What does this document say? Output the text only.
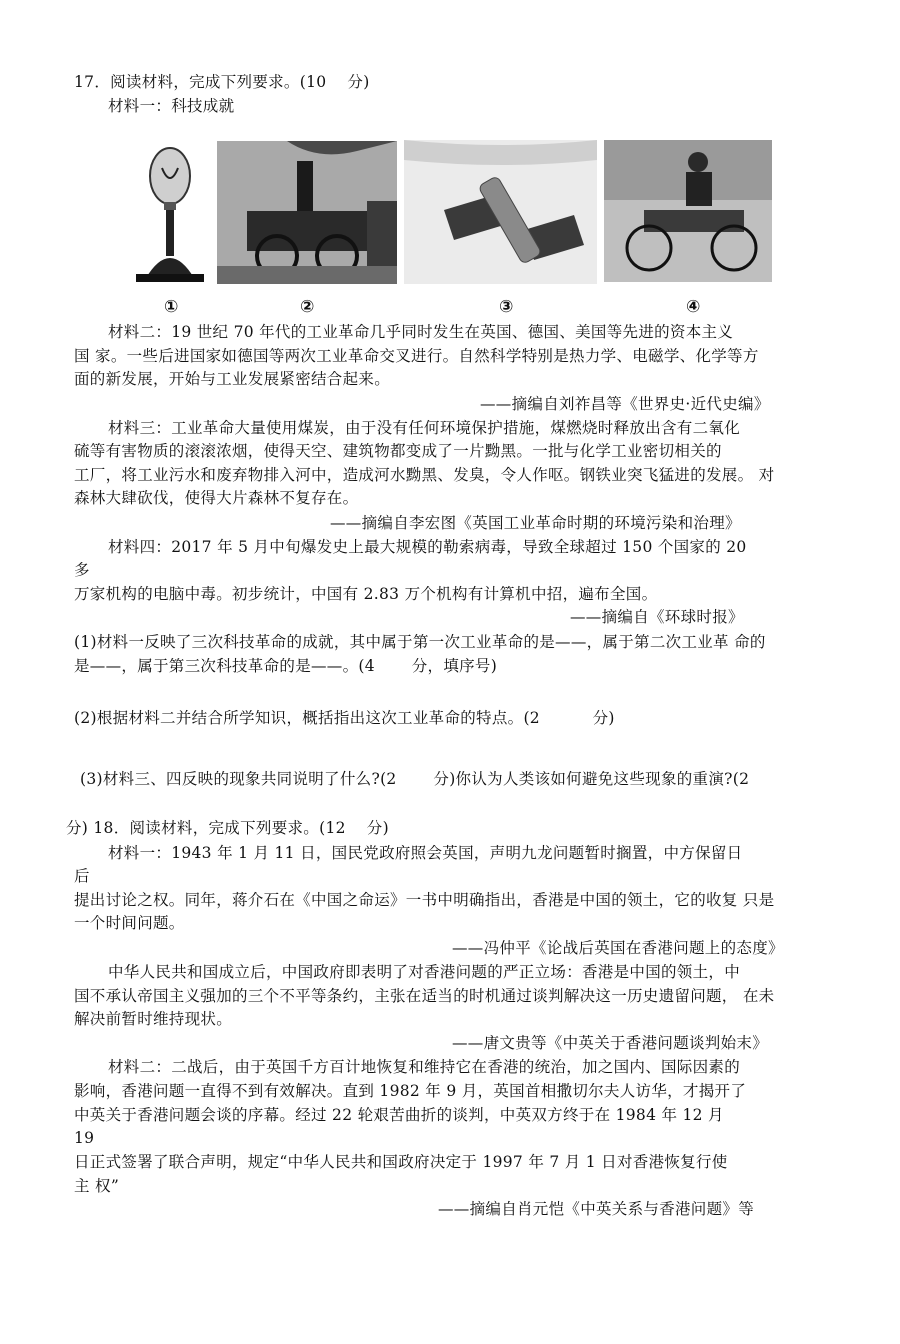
17．阅读材料，完成下列要求。(10　 分)
材料一：科技成就
①	②	③	④
材料二：19 世纪 70 年代的工业革命几乎同时发生在英国、德国、美国等先进的资本主义
国 家。一些后进国家如德国等两次工业革命交叉进行。自然科学特别是热力学、电磁学、化学等方
面的新发展，开始与工业发展紧密结合起来。
——摘编自刘祚昌等《世界史·近代史编》
材料三：工业革命大量使用煤炭，由于没有任何环境保护措施，煤燃烧时释放出含有二氧化
硫等有害物质的滚滚浓烟，使得天空、建筑物都变成了一片黝黑。一批与化学工业密切相关的
工厂，将工业污水和废弃物排入河中，造成河水黝黑、发臭，令人作呕。钢铁业突飞猛进的发展。 对
森林大肆砍伐，使得大片森林不复存在。
——摘编自李宏图《英国工业革命时期的环境污染和治理》
材料四：2017 年 5 月中旬爆发史上最大规模的勒索病毒，导致全球超过 150 个国家的 20
多
万家机构的电脑中毒。初步统计，中国有 2.83 万个机构有计算机中招，遍布全国。
——摘编自《环球时报》
(1)材料一反映了三次科技革命的成就，其中属于第一次工业革命的是——，属于第二次工业革 命的
是——，属于第三次科技革命的是——。(4　　 分，填序号)
(2)根据材料二并结合所学知识，概括指出这次工业革命的特点。(2　　　 分)
(3)材料三、四反映的现象共同说明了什么?(2　　 分)你认为人类该如何避免这些现象的重演?(2
分) 18．阅读材料，完成下列要求。(12　 分)
材料一：1943 年 1 月 11 日，国民党政府照会英国，声明九龙问题暂时搁置，中方保留日
后
提出讨论之权。同年，蒋介石在《中国之命运》一书中明确指出，香港是中国的领土，它的收复 只是
一个时间问题。
——冯仲平《论战后英国在香港问题上的态度》
中华人民共和国成立后，中国政府即表明了对香港问题的严正立场：香港是中国的领土，中
国不承认帝国主义强加的三个不平等条约，主张在适当的时机通过谈判解决这一历史遗留问题， 在未
解决前暂时维持现状。
——唐文贵等《中英关于香港问题谈判始末》
材料二：二战后，由于英国千方百计地恢复和维持它在香港的统治，加之国内、国际因素的
影响，香港问题一直得不到有效解决。直到 1982 年 9 月，英国首相撒切尔夫人访华，才揭开了
中英关于香港问题会谈的序幕。经过 22 轮艰苦曲折的谈判，中英双方终于在 1984 年 12 月
19
日正式签署了联合声明，规定“中华人民共和国政府决定于 1997 年 7 月 1 日对香港恢复行使
主 权”
——摘编自肖元恺《中英关系与香港问题》等
